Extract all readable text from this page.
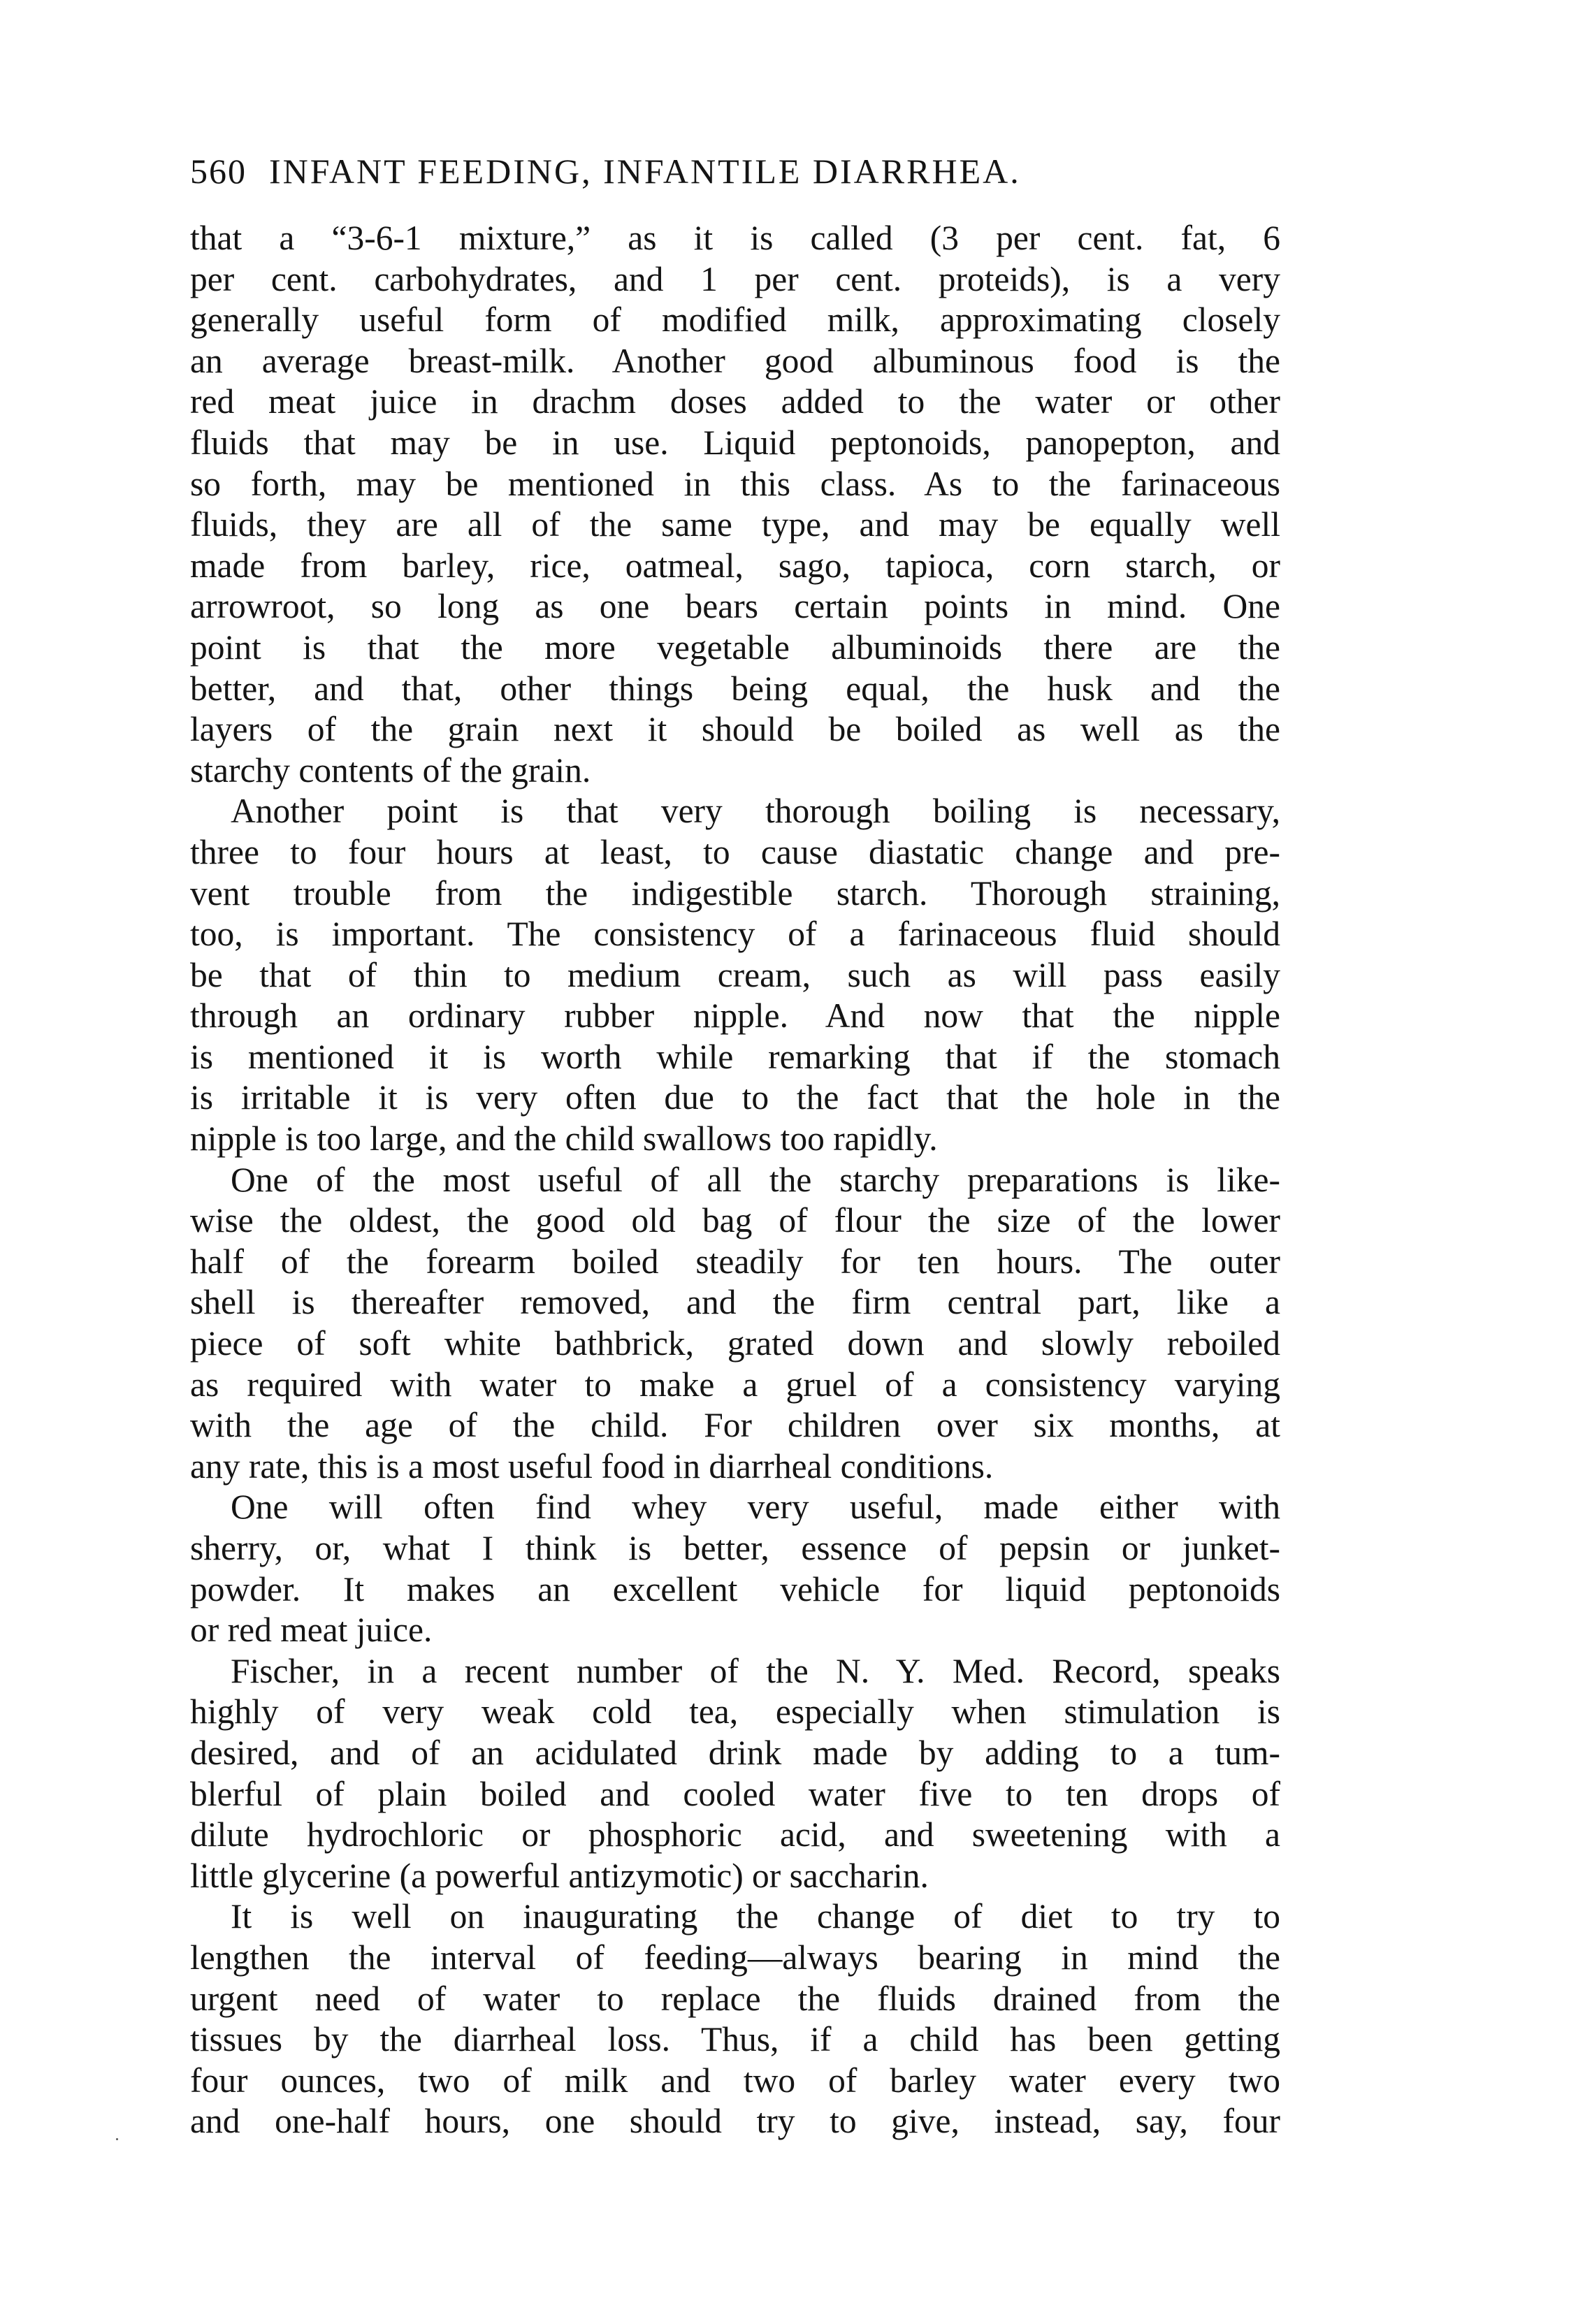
560 INFANT FEEDING, INFANTILE DIARRHEA.

that a “3-6-1 mixture,” as it is called (3 per cent. fat, 6
per cent. carbohydrates, and 1 per cent. proteids), is a very
generally useful form of modified milk, approximating closely
an average breast-milk. Another good albuminous food is the
red meat juice in drachm doses added to the water or other
fluids that may be in use. Liquid peptonoids, panopepton, and
so forth, may be mentioned in this class. As to the farinaceous
fluids, they are all of the same type, and may be equally well
made from barley, rice, oatmeal, sago, tapioca, corn starch, or
arrowroot, so long as one bears certain points in mind. One
point is that the more vegetable albuminoids there are the
better, and that, other things being equal, the husk and the
layers of the grain next it should be boiled as well as the
starchy contents of the grain.

Another point is that very thorough boiling is necessary,
three to four hours at least, to cause diastatic change and pre-
vent trouble from the indigestible starch. Thorough straining,
too, is important. The consistency of a farinaceous fluid should
be that of thin to medium cream, such as will pass easily
through an ordinary rubber nipple. And now that the nipple
is mentioned it is worth while remarking that if the stomach
is irritable it is very often due to the fact that the hole in the
nipple is too large, and the child swallows too rapidly.

One of the most useful of all the starchy preparations is like-
wise the oldest, the good old bag of flour the size of the lower
half of the forearm boiled steadily for ten hours. The outer
shell is thereafter removed, and the firm central part, like a
piece of soft white bathbrick, grated down and slowly reboiled
as required with water to make a gruel of a consistency varying
with the age of the child. For children over six months, at
any rate, this is a most useful food in diarrheal conditions.

One will often find whey very useful, made either with
sherry, or, what I think is better, essence of pepsin or junket-
powder. It makes an excellent vehicle for liquid peptonoids
or red meat juice.

Fischer, in a recent number of the N. Y. Med. Record, speaks
highly of very weak cold tea, especially when stimulation is
desired, and of an acidulated drink made by adding to a tum-
blerful of plain boiled and cooled water five to ten drops of
dilute hydrochloric or phosphoric acid, and sweetening with a
little glycerine (a powerful antizymotic) or saccharin.

It is well on inaugurating the change of diet to try to
lengthen the interval of feeding—always bearing in mind the
urgent need of water to replace the fluids drained from the
tissues by the diarrheal loss. Thus, if a child has been getting
four ounces, two of milk and two of barley water every two
and one-half hours, one should try to give, instead, say, four
